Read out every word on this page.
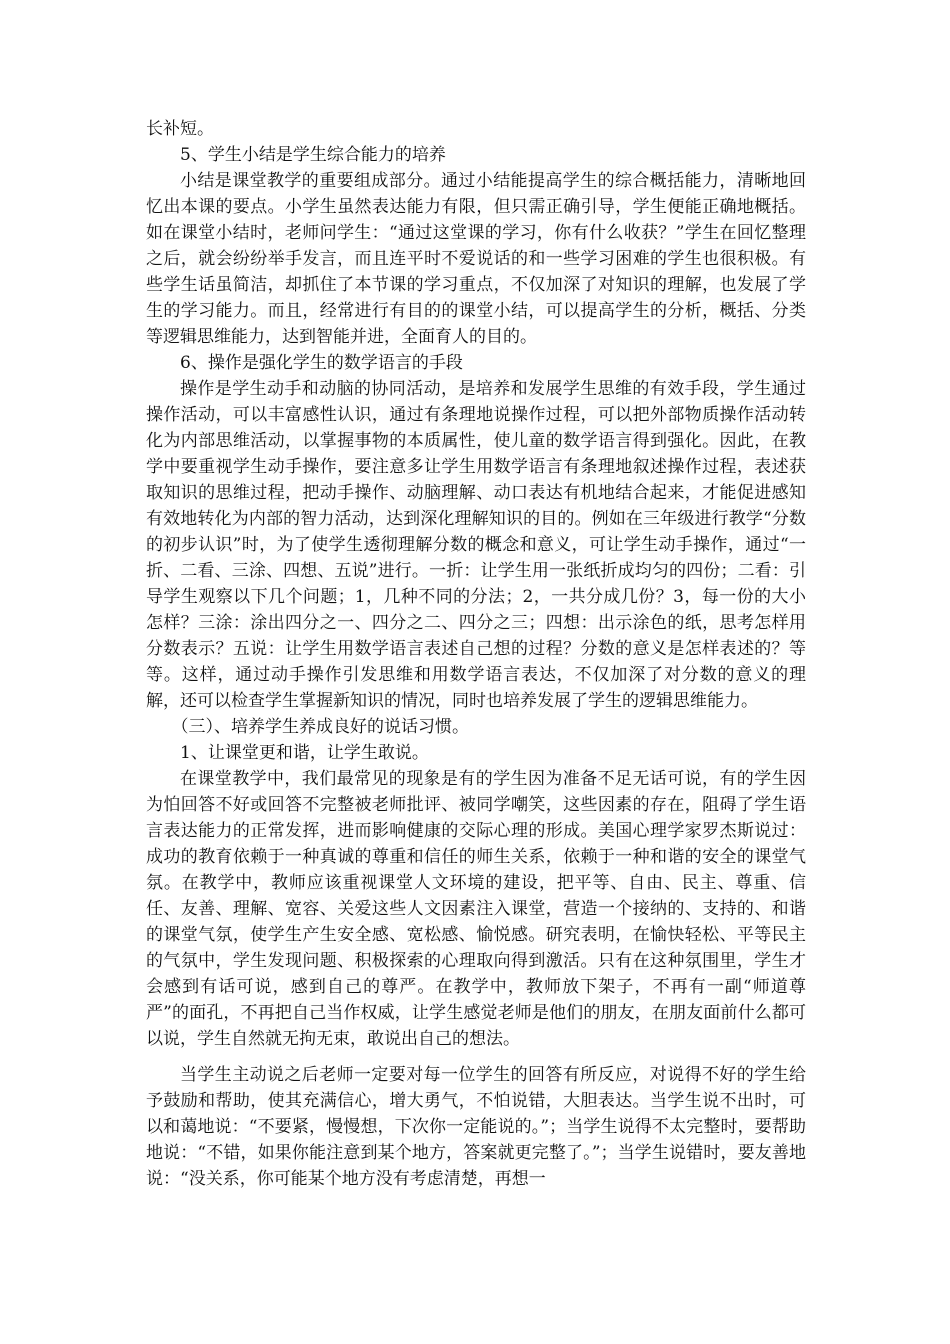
长补短。

5、学生小结是学生综合能力的培养

小结是课堂教学的重要组成部分。通过小结能提高学生的综合概括能力，清晰地回忆出本课的要点。小学生虽然表达能力有限，但只需正确引导，学生便能正确地概括。如在课堂小结时，老师问学生：“通过这堂课的学习，你有什么收获？”学生在回忆整理之后，就会纷纷举手发言，而且连平时不爱说话的和一些学习困难的学生也很积极。有些学生话虽简洁，却抓住了本节课的学习重点，不仅加深了对知识的理解，也发展了学生的学习能力。而且，经常进行有目的的课堂小结，可以提高学生的分析，概括、分类等逻辑思维能力，达到智能并进，全面育人的目的。

6、操作是强化学生的数学语言的手段

操作是学生动手和动脑的协同活动，是培养和发展学生思维的有效手段，学生通过操作活动，可以丰富感性认识，通过有条理地说操作过程，可以把外部物质操作活动转化为内部思维活动，以掌握事物的本质属性，使儿童的数学语言得到强化。因此，在教学中要重视学生动手操作，要注意多让学生用数学语言有条理地叙述操作过程，表述获取知识的思维过程，把动手操作、动脑理解、动口表达有机地结合起来，才能促进感知有效地转化为内部的智力活动，达到深化理解知识的目的。例如在三年级进行教学“分数的初步认识”时，为了使学生透彻理解分数的概念和意义，可让学生动手操作，通过“一折、二看、三涂、四想、五说”进行。一折：让学生用一张纸折成均匀的四份；二看：引导学生观察以下几个问题；1，几种不同的分法；2，一共分成几份？3，每一份的大小怎样？三涂：涂出四分之一、四分之二、四分之三；四想：出示涂色的纸，思考怎样用分数表示？五说：让学生用数学语言表述自己想的过程？分数的意义是怎样表述的？等等。这样，通过动手操作引发思维和用数学语言表达，不仅加深了对分数的意义的理解，还可以检查学生掌握新知识的情况，同时也培养发展了学生的逻辑思维能力。

（三）、培养学生养成良好的说话习惯。

1、让课堂更和谐，让学生敢说。

在课堂教学中，我们最常见的现象是有的学生因为准备不足无话可说，有的学生因为怕回答不好或回答不完整被老师批评、被同学嘲笑，这些因素的存在，阻碍了学生语言表达能力的正常发挥，进而影响健康的交际心理的形成。美国心理学家罗杰斯说过：成功的教育依赖于一种真诚的尊重和信任的师生关系，依赖于一种和谐的安全的课堂气氛。在教学中，教师应该重视课堂人文环境的建设，把平等、自由、民主、尊重、信任、友善、理解、宽容、关爱这些人文因素注入课堂，营造一个接纳的、支持的、和谐的课堂气氛，使学生产生安全感、宽松感、愉悦感。研究表明，在愉快轻松、平等民主的气氛中，学生发现问题、积极探索的心理取向得到激活。只有在这种氛围里，学生才会感到有话可说，感到自己的尊严。在教学中，教师放下架子，不再有一副“师道尊严”的面孔，不再把自己当作权威，让学生感觉老师是他们的朋友，在朋友面前什么都可以说，学生自然就无拘无束，敢说出自己的想法。

当学生主动说之后老师一定要对每一位学生的回答有所反应，对说得不好的学生给予鼓励和帮助，使其充满信心，增大勇气，不怕说错，大胆表达。当学生说不出时，可以和蔼地说：“不要紧，慢慢想，下次你一定能说的。”；当学生说得不太完整时，要帮助地说：“不错，如果你能注意到某个地方，答案就更完整了。”；当学生说错时，要友善地说：“没关系，你可能某个地方没有考虑清楚，再想一
